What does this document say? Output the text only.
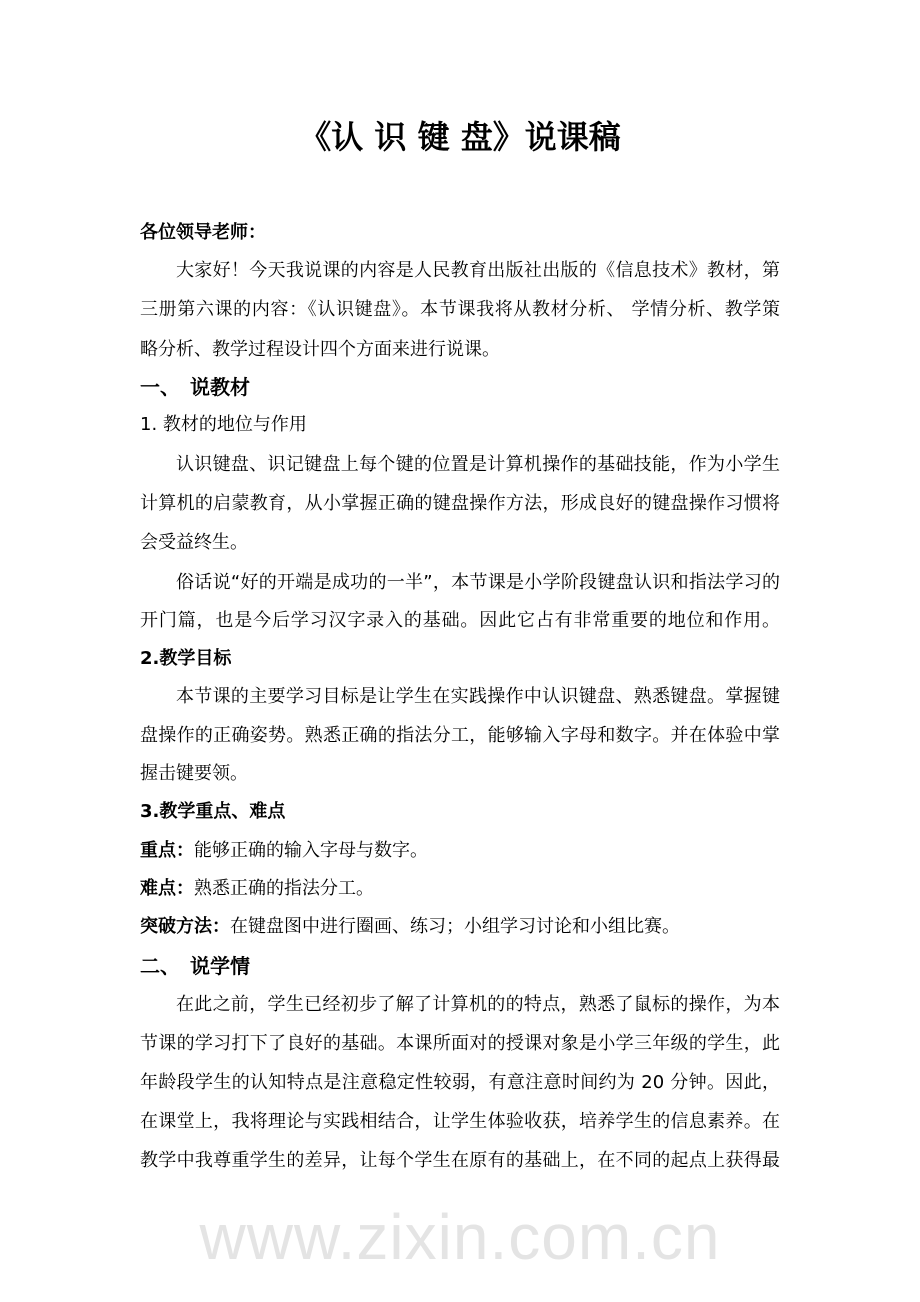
www.zixin.com.cn
《认 识 键 盘》说课稿
各位领导老师：
大家好！今天我说课的内容是人民教育出版社出版的《信息技术》教材，第
三册第六课的内容：《认识键盘》。本节课我将从教材分析、 学情分析、教学策
略分析、教学过程设计四个方面来进行说课。
一、　说教材
1. 教材的地位与作用
认识键盘、识记键盘上每个键的位置是计算机操作的基础技能，作为小学生
计算机的启蒙教育，从小掌握正确的键盘操作方法，形成良好的键盘操作习惯将
会受益终生。
俗话说“好的开端是成功的一半”，本节课是小学阶段键盘认识和指法学习的
开门篇，也是今后学习汉字录入的基础。因此它占有非常重要的地位和作用。
2.教学目标
本节课的主要学习目标是让学生在实践操作中认识键盘、熟悉键盘。掌握键
盘操作的正确姿势。熟悉正确的指法分工，能够输入字母和数字。并在体验中掌
握击键要领。
3.教学重点、难点
重点：能够正确的输入字母与数字。
难点：熟悉正确的指法分工。
突破方法：在键盘图中进行圈画、练习；小组学习讨论和小组比赛。
二、　说学情
在此之前，学生已经初步了解了计算机的的特点，熟悉了鼠标的操作，为本
节课的学习打下了良好的基础。本课所面对的授课对象是小学三年级的学生，此
年龄段学生的认知特点是注意稳定性较弱，有意注意时间约为 20 分钟。因此，
在课堂上，我将理论与实践相结合，让学生体验收获，培养学生的信息素养。在
教学中我尊重学生的差异，让每个学生在原有的基础上，在不同的起点上获得最
